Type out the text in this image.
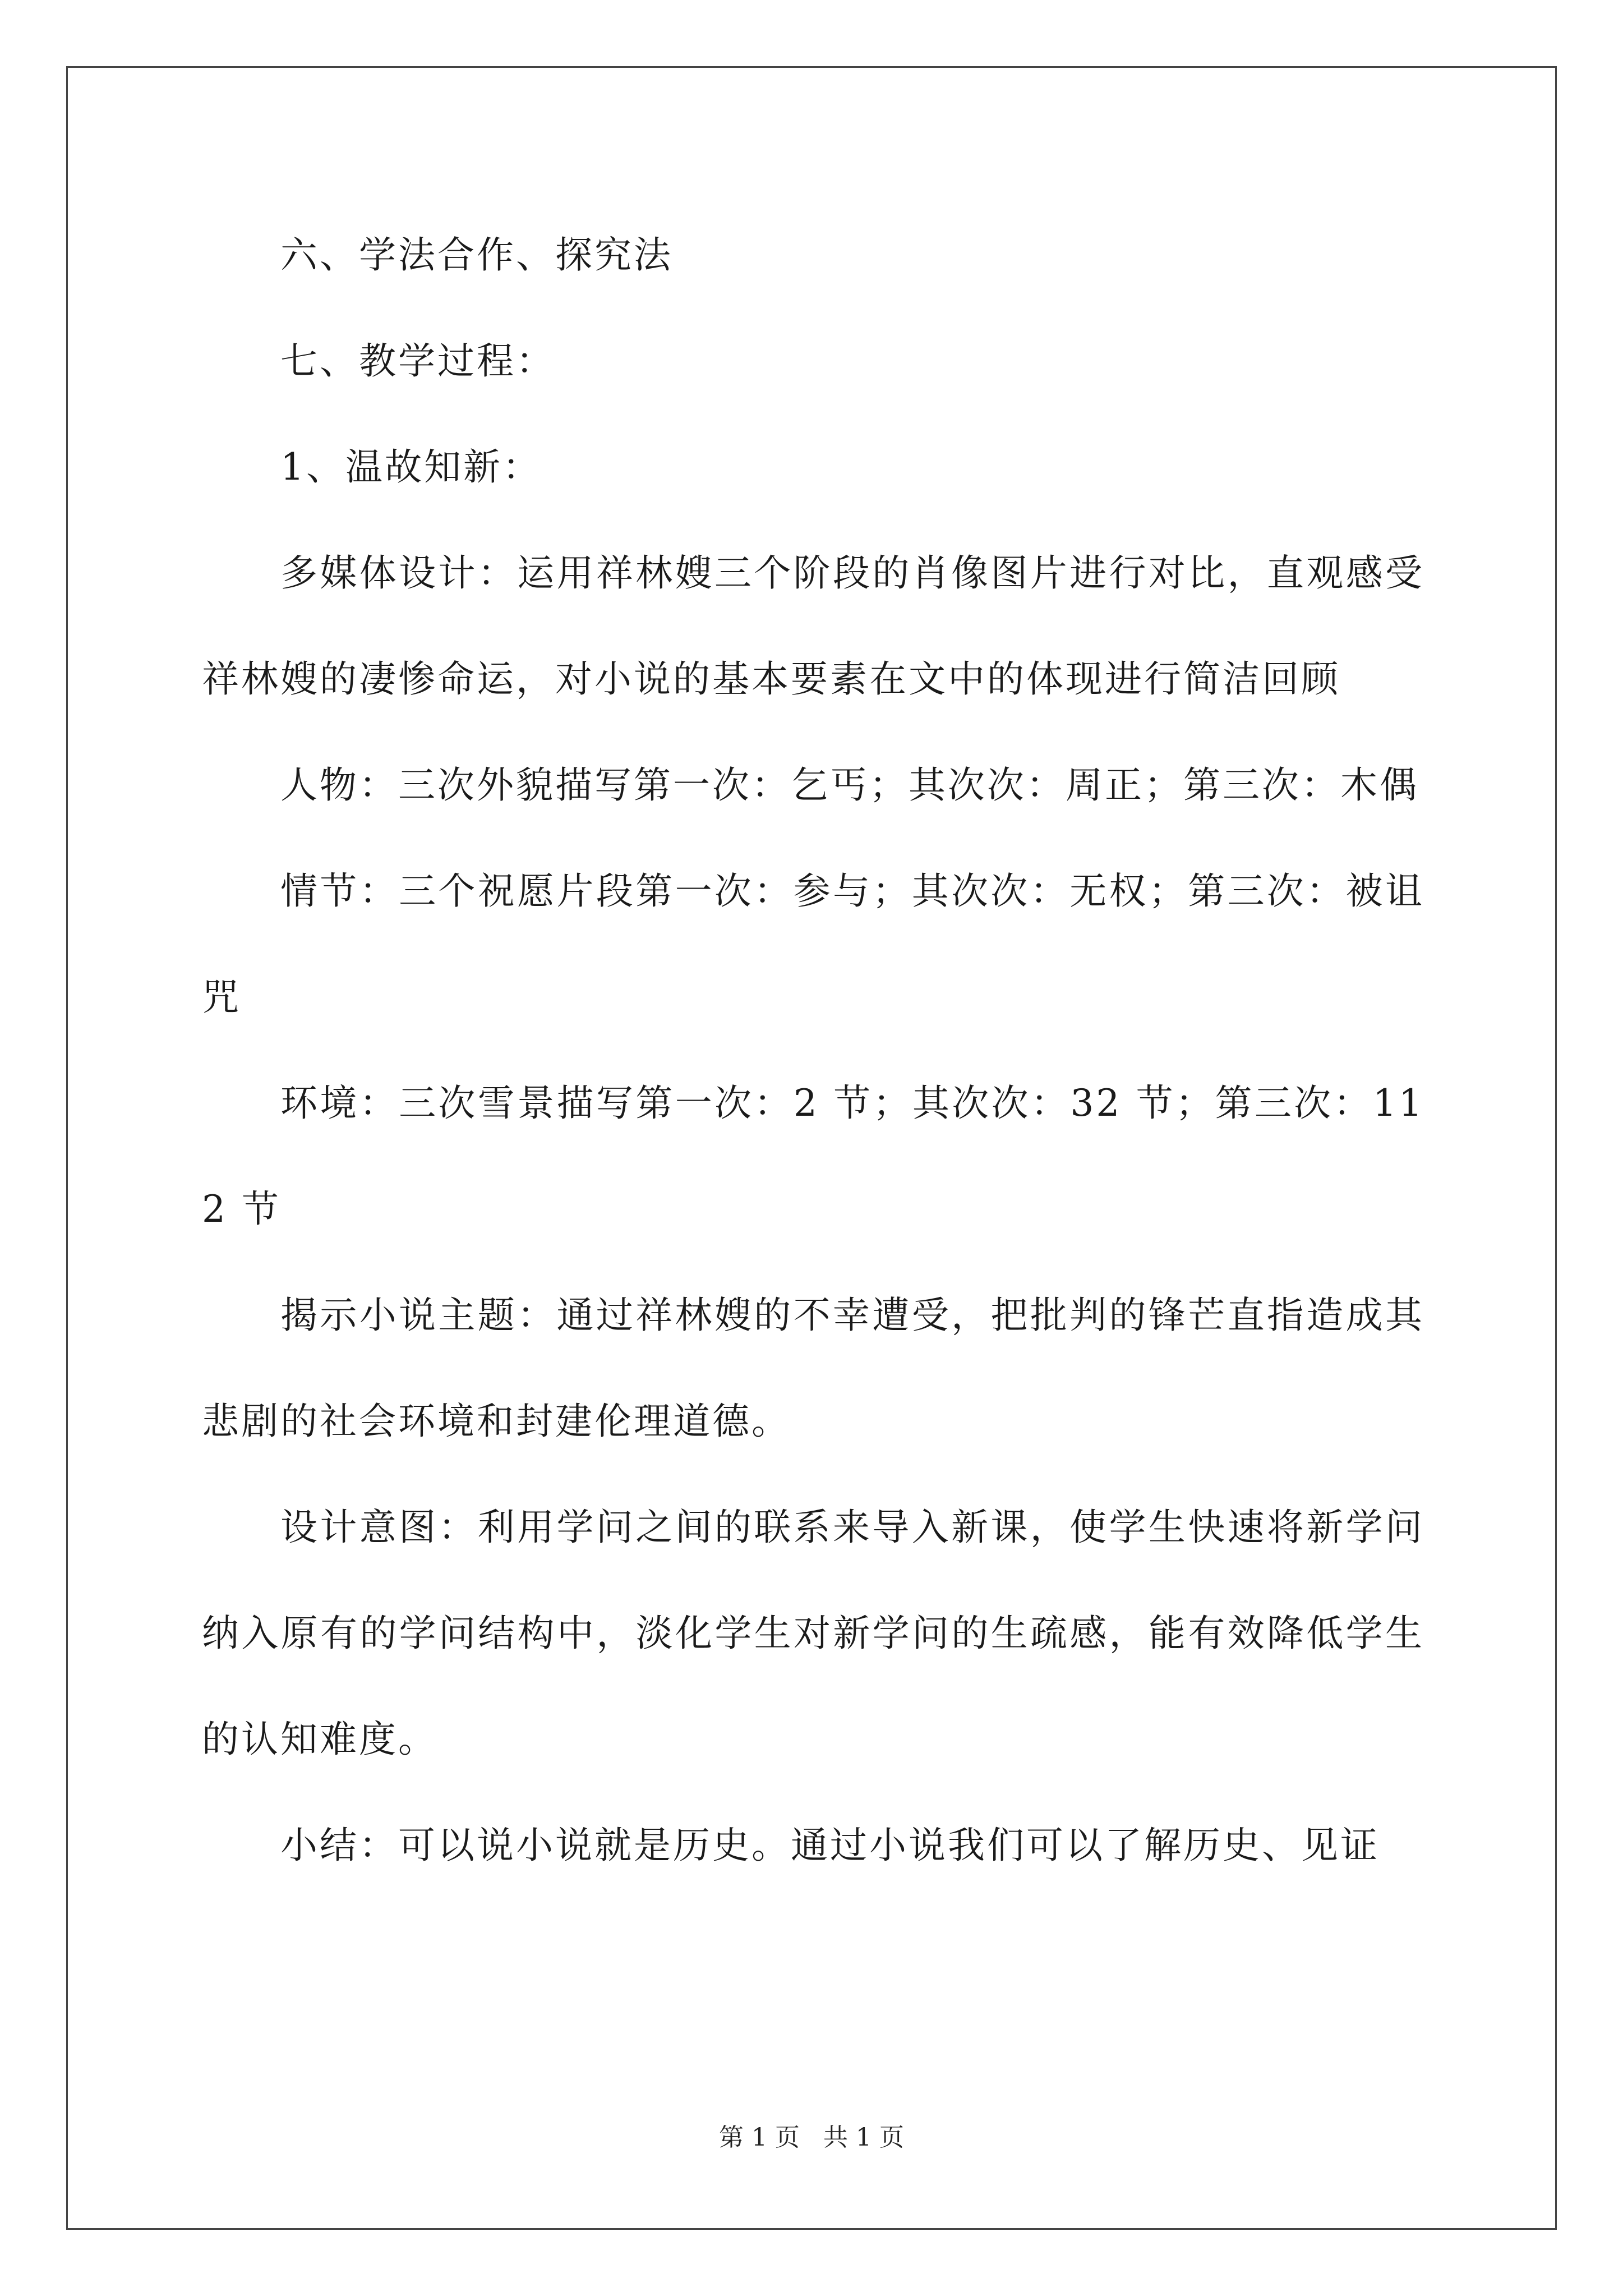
六、学法合作、探究法

七、教学过程：

1、温故知新：

多媒体设计：运用祥林嫂三个阶段的肖像图片进行对比，直观感受祥林嫂的凄惨命运，对小说的基本要素在文中的体现进行简洁回顾

人物：三次外貌描写第一次：乞丐；其次次：周正；第三次：木偶

情节：三个祝愿片段第一次：参与；其次次：无权；第三次：被诅咒

环境：三次雪景描写第一次：2 节；其次次：32 节；第三次：112 节

揭示小说主题：通过祥林嫂的不幸遭受，把批判的锋芒直指造成其悲剧的社会环境和封建伦理道德。

设计意图：利用学问之间的联系来导入新课，使学生快速将新学问纳入原有的学问结构中，淡化学生对新学问的生疏感，能有效降低学生的认知难度。

小结：可以说小说就是历史。通过小说我们可以了解历史、见证

第 1 页   共 1 页
